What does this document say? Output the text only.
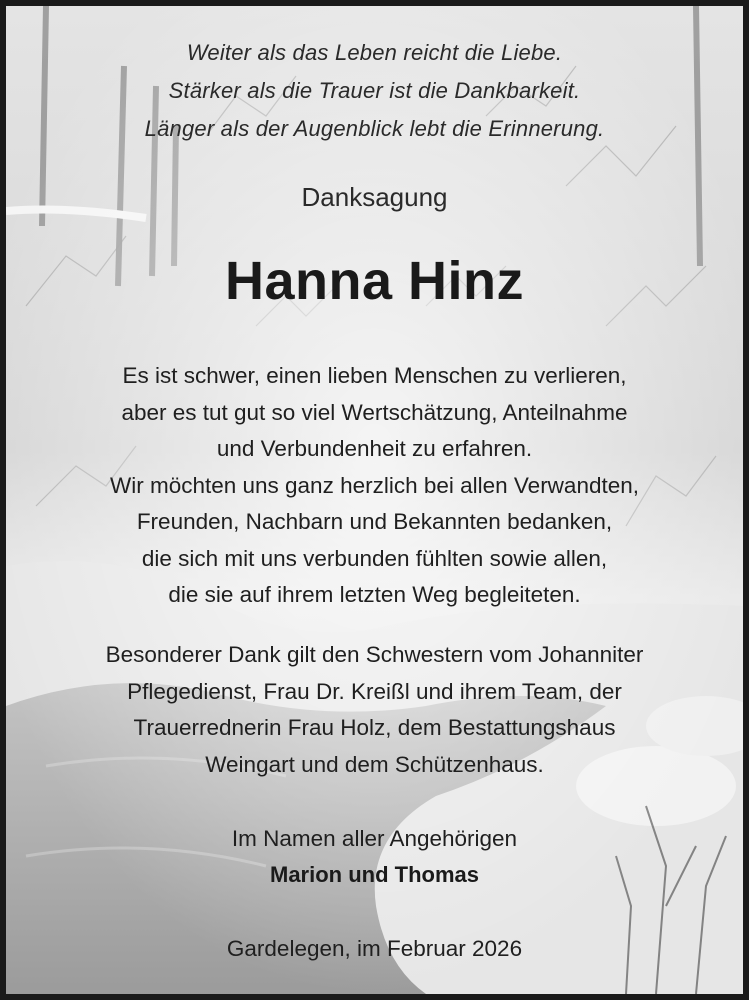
Weiter als das Leben reicht die Liebe.
Stärker als die Trauer ist die Dankbarkeit.
Länger als der Augenblick lebt die Erinnerung.
Danksagung
Hanna Hinz
Es ist schwer, einen lieben Menschen zu verlieren,
aber es tut gut so viel Wertschätzung, Anteilnahme
und Verbundenheit zu erfahren.
Wir möchten uns ganz herzlich bei allen Verwandten,
Freunden, Nachbarn und Bekannten bedanken,
die sich mit uns verbunden fühlten sowie allen,
die sie auf ihrem letzten Weg begleiteten.
Besonderer Dank gilt den Schwestern vom Johanniter
Pflegedienst, Frau Dr. Kreißl und ihrem Team, der
Trauerrednerin Frau Holz, dem Bestattungshaus
Weingart und dem Schützenhaus.
Im Namen aller Angehörigen
Marion und Thomas
Gardelegen, im Februar 2026
